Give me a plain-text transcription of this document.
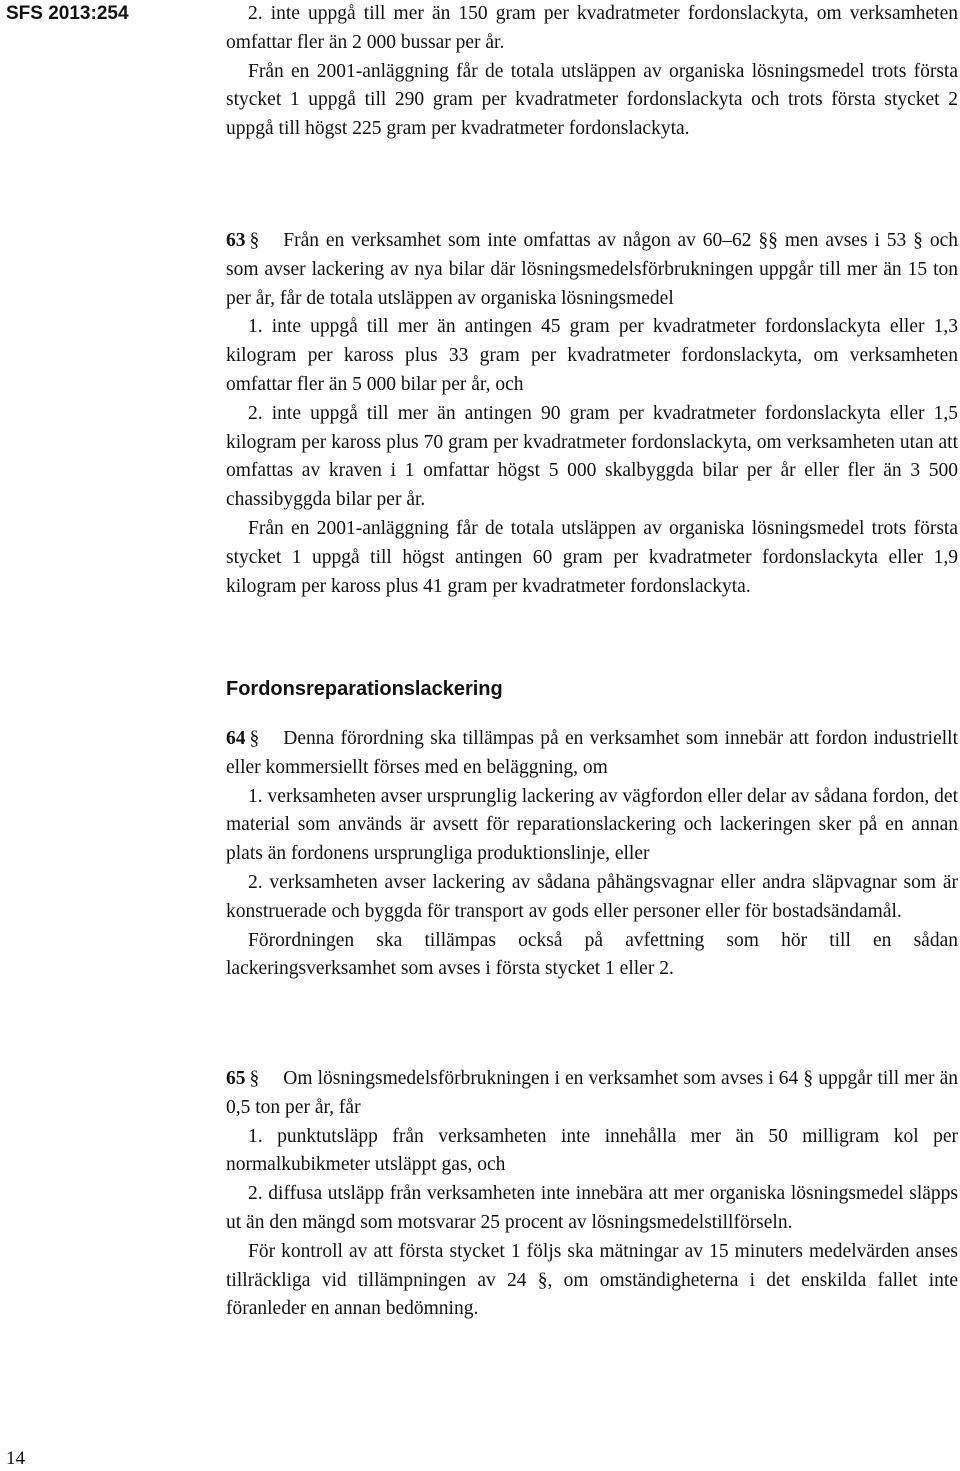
SFS 2013:254	2. inte uppgå till mer än 150 gram per kvadratmeter fordonslackyta, om verksamheten omfattar fler än 2 000 bussar per år.

Från en 2001-anläggning får de totala utsläppen av organiska lösningsmedel trots första stycket 1 uppgå till 290 gram per kvadratmeter fordonslackyta och trots första stycket 2 uppgå till högst 225 gram per kvadratmeter fordonslackyta.

63 § Från en verksamhet som inte omfattas av någon av 60–62 §§ men avses i 53 § och som avser lackering av nya bilar där lösningsmedelsförbrukningen uppgår till mer än 15 ton per år, får de totala utsläppen av organiska lösningsmedel

1. inte uppgå till mer än antingen 45 gram per kvadratmeter fordonslackyta eller 1,3 kilogram per kaross plus 33 gram per kvadratmeter fordonslackyta, om verksamheten omfattar fler än 5 000 bilar per år, och

2. inte uppgå till mer än antingen 90 gram per kvadratmeter fordonslackyta eller 1,5 kilogram per kaross plus 70 gram per kvadratmeter fordonslackyta, om verksamheten utan att omfattas av kraven i 1 omfattar högst 5 000 skalbyggda bilar per år eller fler än 3 500 chassibyggda bilar per år.

Från en 2001-anläggning får de totala utsläppen av organiska lösningsmedel trots första stycket 1 uppgå till högst antingen 60 gram per kvadratmeter fordonslackyta eller 1,9 kilogram per kaross plus 41 gram per kvadratmeter fordonslackyta.

Fordonsreparationslackering

64 § Denna förordning ska tillämpas på en verksamhet som innebär att fordon industriellt eller kommersiellt förses med en beläggning, om

1. verksamheten avser ursprunglig lackering av vägfordon eller delar av sådana fordon, det material som används är avsett för reparationslackering och lackeringen sker på en annan plats än fordonens ursprungliga produktionslinje, eller

2. verksamheten avser lackering av sådana påhängsvagnar eller andra släpvagnar som är konstruerade och byggda för transport av gods eller personer eller för bostadsändamål.

Förordningen ska tillämpas också på avfettning som hör till en sådan lackeringsverksamhet som avses i första stycket 1 eller 2.

65 § Om lösningsmedelsförbrukningen i en verksamhet som avses i 64 § uppgår till mer än 0,5 ton per år, får

1. punktutsläpp från verksamheten inte innehålla mer än 50 milligram kol per normalkubikmeter utsläppt gas, och

2. diffusa utsläpp från verksamheten inte innebära att mer organiska lösningsmedel släpps ut än den mängd som motsvarar 25 procent av lösningsmedelstillförseln.

För kontroll av att första stycket 1 följs ska mätningar av 15 minuters medelvärden anses tillräckliga vid tillämpningen av 24 §, om omständigheterna i det enskilda fallet inte föranleder en annan bedömning.

14
